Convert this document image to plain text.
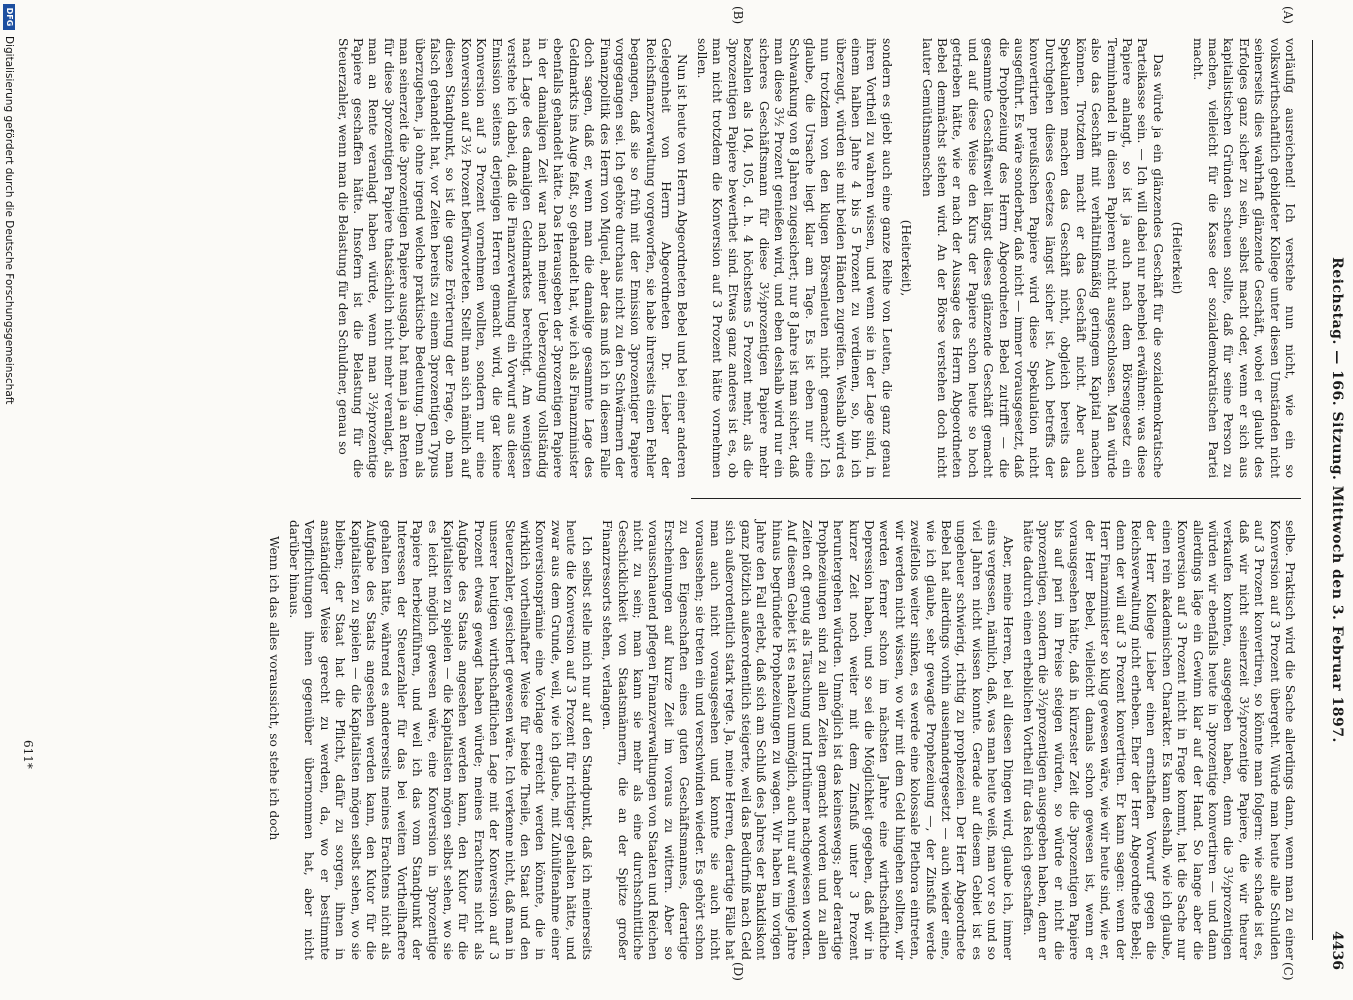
Reichstag. — 166. Sitzung. Mittwoch den 3. Februar 1897.
4436
(A)
(B)
(C)
(D)

vorläufig ausreichend! Ich verstehe nun nicht, wie ein so volkswirthschaftlich gebildeter Kollege unter diesen Umständen nicht seinerseits dies wahrhaft glänzende Geschäft, wobei er glaubt des Erfolges ganz sicher zu sein, selbst macht oder, wenn er sich aus kapitalistischen Gründen scheuen sollte, daß für seine Person zu machen, vielleicht für die Kasse der sozialdemokratischen Partei macht.

(Heiterkeit)

Das würde ja ein glänzendes Geschäft für die sozialdemokratische Parteikasse sein. — Ich will dabei nur nebenbei erwähnen: was diese Papiere anlangt, so ist ja auch nach dem Börsengesetz ein Terminhandel in diesen Papieren nicht ausgeschlossen. Man würde also das Geschäft mit verhältnißmäßig geringem Kapital machen können. Trotzdem macht er das Geschäft nicht. Aber auch Spekulanten machen das Geschäft nicht, obgleich bereits das Durchgehen dieses Gesetzes längst sicher ist. Auch betreffs der konvertirten preußischen Papiere wird diese Spekulation nicht ausgeführt. Es wäre sonderbar, daß nicht — immer vorausgesetzt, daß die Prophezeiung des Herrn Abgeordneten Bebel zutrifft — die gesammte Geschäftswelt längst dieses glänzende Geschäft gemacht und auf diese Weise den Kurs der Papiere schon heute so hoch getrieben hätte, wie er nach der Aussage des Herrn Abgeordneten Bebel demnächst stehen wird. An der Börse verstehen doch nicht lauter Gemüthsmenschen

(Heiterkeit),

sondern es giebt auch eine ganze Reihe von Leuten, die ganz genau ihren Vortheil zu wahren wissen, und wenn sie in der Lage sind, in einem halben Jahre 4 bis 5 Prozent zu verdienen, so, bin ich überzeugt, würden sie mit beiden Händen zugreifen. Weshalb wird es nun trotzdem von den klugen Börsenleuten nicht gemacht? Ich glaube, die Ursache liegt klar am Tage. Es ist eben nur eine Schwankung von 8 Jahren zugesichert; nur 8 Jahre ist man sicher, daß man diese 3½ Prozent genießen wird, und eben deshalb wird nur ein sicheres Geschäftsmann für diese 3½prozentigen Papiere mehr bezahlen als 104, 105, d. h. 4 höchstens 5 Prozent mehr, als die 3prozentigen Papiere bewerthet sind. Etwas ganz anderes ist es, ob man nicht trotzdem die Konversion auf 3 Prozent hätte vornehmen sollen.

Nun ist heute von Herrn Abgeordneten Bebel und bei einer anderen Gelegenheit von Herrn Abgeordneten Dr. Lieber der Reichsfinanzverwaltung vorgeworfen, sie habe ihrerseits einen Fehler begangen, daß sie so früh mit der Emission 3prozentiger Papiere vorgegangen sei. Ich gehöre durchaus nicht zu den Schwärmern der Finanzpolitik des Herrn von Miquel, aber das muß ich in diesem Falle doch sagen, daß er, wenn man die damalige gesammte Lage des Geldmarkts ins Auge faßt, so gehandelt hat, wie ich als Finanzminister ebenfalls gehandelt hätte. Das Herausgeben der 3prozentigen Papiere in der damaligen Zeit war nach meiner Ueberzeugung vollständig nach Lage des damaligen Geldmarktes berechtigt. Am wenigsten verstehe ich dabei, daß die Finanzverwaltung ein Vorwurf aus dieser Emission seitens derjenigen Herren gemacht wird, die gar keine Konversion auf 3 Prozent vornehmen wollten, sondern nur eine Konversion auf 3½ Prozent befürworteten. Stellt man sich nämlich auf diesen Standpunkt, so ist die ganze Erörterung der Frage, ob man falsch gehandelt hat, vor Zeiten bereits zu einem 3prozentigen Typus überzugehen, ja ohne irgend welche praktische Bedeutung. Denn als man seinerzeit die 3prozentigen Papiere ausgab, hat man ja an Renten für diese 3prozentigen Papiere thatsächlich nicht mehr veranlagt, als man an Rente veranlagt haben würde, wenn man 3½prozentige Papiere geschaffen hätte. Insofern ist die Belastung für die Steuerzahler, wenn man die Belastung für den Schuldner, genau so

selbe. Praktisch wird die Sache allerdings dann, wenn man zu einer Konversion auf 3 Prozent übergeht. Würde man heute alle Schulden auf 3 Prozent konvertiren, so könnte man folgern: wie schade ist es, daß wir nicht seinerzeit 3½prozentige Papiere, die wir theurer verkaufen konnten, ausgegeben haben, denn die 3½prozentigen würden wir ebenfalls heute in 3prozentige konvertiren — und dann allerdings läge ein Gewinn klar auf der Hand. So lange aber die Konversion auf 3 Prozent nicht in Frage kommt, hat die Sache nur einen rein akademischen Charakter. Es kann deshalb, wie ich glaube, der Herr Kollege Lieber einen ernsthaften Vorwurf gegen die Reichsverwaltung nicht erheben. Eher der Herr Abgeordnete Bebel; denn der will auf 3 Prozent konvertiren. Er kann sagen: wenn der Herr Finanzminister so klug gewesen wäre, wie wir heute sind, wie er, der Herr Bebel, vielleicht damals schon gewesen ist, wenn er vorausgesehen hätte, daß in kürzester Zeit die 3prozentigen Papiere bis auf pari im Preise steigen würden, so würde er nicht die 3prozentigen, sondern die 3½prozentigen ausgegeben haben, denn er hätte dadurch einen erheblichen Vortheil für das Reich geschaffen.

Aber, meine Herren, bei all diesen Dingen wird, glaube ich, immer eins vergessen, nämlich, daß, was man heute weiß, man vor so und so viel Jahren nicht wissen konnte. Gerade auf diesem Gebiet ist es ungeheuer schwierig, richtig zu prophezeien. Der Herr Abgeordnete Bebel hat allerdings vorhin auseinandergesetzt — auch wieder eine, wie ich glaube, sehr gewagte Prophezeiung —, der Zinsfuß werde zweifellos weiter sinken, es werde eine kolossale Plethora eintreten, wir werden nicht wissen, wo wir mit dem Geld hingehen sollten, wir werden ferner schon im nächsten Jahre eine wirthschaftliche Depression haben, und so sei die Möglichkeit gegeben, daß wir in kurzer Zeit noch weiter mit dem Zinsfuß unter 3 Prozent heruntergehen würden. Unmöglich ist das keineswegs; aber derartige Prophezeiungen sind zu allen Zeiten gemacht worden und zu allen Zeiten oft genug als Täuschung und Irrthümer nachgewiesen worden. Auf diesem Gebiet ist es nahezu unmöglich, auch nur auf wenige Jahre hinaus begründete Prophezeiungen zu wagen. Wir haben im vorigen Jahre den Fall erlebt, daß sich am Schluß des Jahres der Bankdiskont ganz plötzlich außerordentlich steigerte, weil das Bedürfniß nach Geld sich außerordentlich stark regte. Ja, meine Herren, derartige Fälle hat man auch nicht vorausgesehen und konnte sie auch nicht voraussehen; sie treten ein und verschwinden wieder. Es gehört schon zu den Eigenschaften eines guten Geschäftsmannes, derartige Erscheinungen auf kurze Zeit im voraus zu wittern. Aber so vorausschauend pflegen Finanzverwaltungen von Staaten und Reichen nicht zu sein; man kann sie mehr als eine durchschnittliche Geschicklichkeit von Staatsmännern, die an der Spitze großer Finanzressorts stehen, verlangen.

Ich selbst stelle mich nur auf den Standpunkt, daß ich meinerseits heute die Konversion auf 3 Prozent für richtiger gehalten hätte, und zwar aus dem Grunde, weil, wie ich glaube, mit Zuhülfenahme einer Konversionsprämie eine Vorlage erreicht werden könnte, die in wirklich vortheilhafter Weise für beide Theile, den Staat und den Steuerzahler, gesichert gewesen wäre. Ich verkenne nicht, daß man in unserer heutigen wirthschaftlichen Lage mit der Konversion auf 3 Prozent etwas gewagt haben würde; meines Erachtens nicht als Aufgabe des Staats angesehen werden kann, den Kutor für die Kapitalisten zu spielen — die Kapitalisten mögen selbst sehen, wo sie es leicht möglich gewesen wäre, eine Konversion in 3prozentige Papiere herbeizuführen, und weil ich das vom Standpunkt der Interessen der Steuerzahler für das bei weitem Vortheilhaftere gehalten hätte, während es andererseits meines Erachtens nicht als Aufgabe des Staats angesehen werden kann, den Kutor für die Kapitalisten zu spielen — die Kapitalisten mögen selbst sehen, wo sie bleiben; der Staat hat die Pflicht, dafür zu sorgen, ihnen in anständiger Weise gerecht zu werden, da, wo er bestimmte Verpflichtungen ihnen gegenüber übernommen hat, aber nicht darüber hinaus.

Wenn ich das alles voraussicht, so stehe ich doch

611*
DFG
Digitalisierung gefördert durch die Deutsche Forschungsgemeinschaft
